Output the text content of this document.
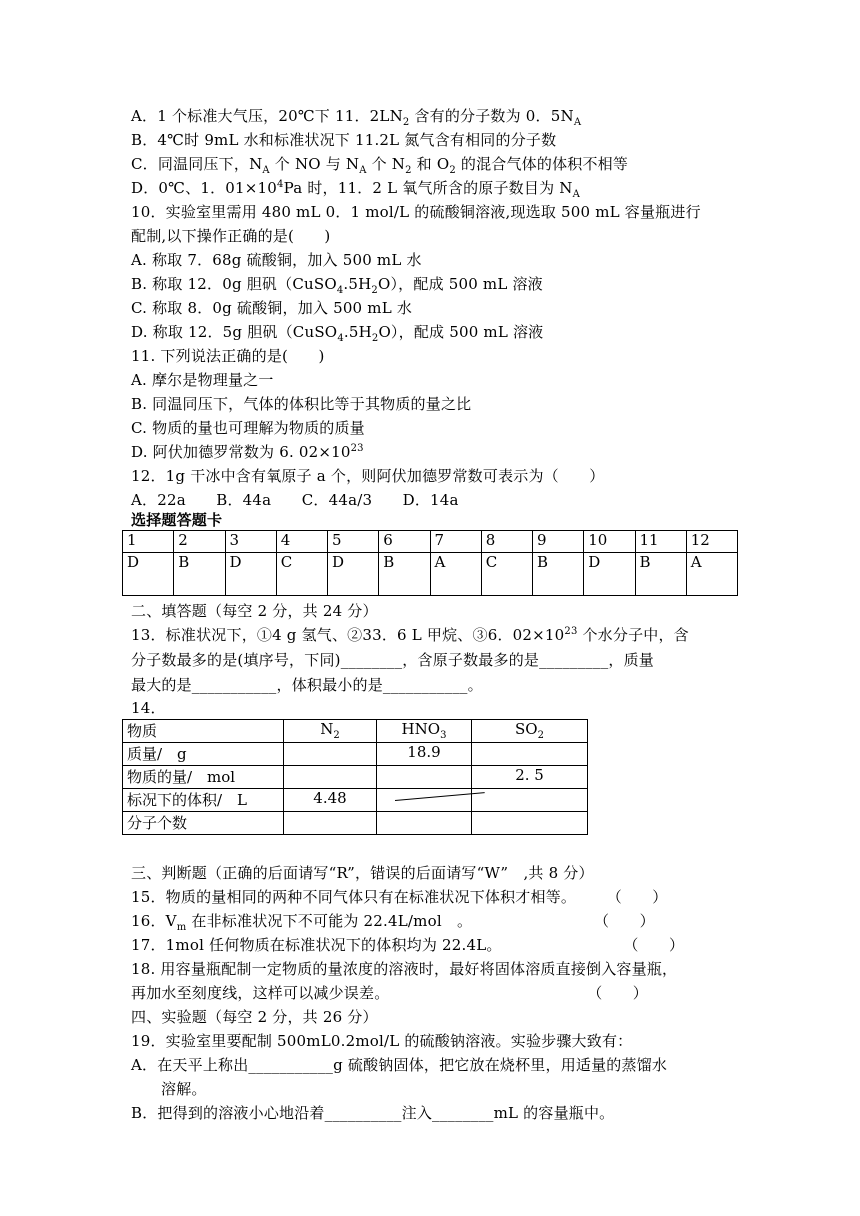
A．1 个标准大气压，20℃下 11．$2LN_2$ 含有的分子数为 0．$5N_A$
B．4℃时 9mL 水和标准状况下 11.2L 氮气含有相同的分子数
C．同温同压下，$N_A$ 个 NO 与 $N_A$ 个 $N_2$ 和 $O_2$ 的混合气体的体积不相等
D．0℃、1．$01\times 10^4Pa$ 时，11．2 L 氧气所含的原子数目为 $N_A$
10．实验室里需用 480 mL 0．1 mol/L 的硫酸铜溶液,现选取 500 mL 容量瓶进行
配制,以下操作正确的是(　　)
A. 称取 7．68g 硫酸铜，加入 500 mL 水
B. 称取 12．0g 胆矾$(CuSO_4.5H_2O)$，配成 500 mL 溶液
C. 称取 8．0g 硫酸铜，加入 500 mL 水
D. 称取 12．5g 胆矾$(CuSO_4.5H_2O)$，配成 500 mL 溶液
11. 下列说法正确的是(　　)
A. 摩尔是物理量之一
B. 同温同压下，气体的体积比等于其物质的量之比
C. 物质的量也可理解为物质的质量
D. 阿伏加德罗常数为 6. $02\times 10^{23}$
12．1g 干冰中含有氧原子 a 个，则阿伏加德罗常数可表示为（　　）
A．22a　　B．44a　　C．44a/3　　D．14a
选择题答题卡
1	2	3	4	5	6	7	8	9	10	11	12
D	B	D	C	D	B	A	C	B	D	B	A
二、填答题（每空 2 分，共 24 分）
13．标准状况下，①4 g 氢气、②33．6 L 甲烷、③6．$02\times 10^{23}$ 个水分子中，含
分子数最多的是(填序号，下同)________，含原子数最多的是_________，质量
最大的是___________，体积最小的是___________。
14．
物质	$N_2$	$HNO_3$	$SO_2$
质量/　g		18.9	
物质的量/　mol			2. 5
标况下的体积/　L	4.48		
分子个数			
三、判断题（正确的后面请写“R”，错误的后面请写“W”　,共 8 分）
15．物质的量相同的两种不同气体只有在标准状况下体积才相等。　　　（　　）
16．$V_m$ 在非标准状况下不可能为 22.4L/mol　。　　　　　　　　　（　　）
17．1mol 任何物质在标准状况下的体积均为 22.4L。　　　　　　　　　（　　）
18. 用容量瓶配制一定物质的量浓度的溶液时，最好将固体溶质直接倒入容量瓶，
再加水至刻度线，这样可以减少误差。　　　　　　　　　　　　　　（　　）
四、实验题（每空 2 分，共 26 分）
19．实验室里要配制 500mL0.2mol/L 的硫酸钠溶液。实验步骤大致有：
A．在天平上称出___________g 硫酸钠固体，把它放在烧杯里，用适量的蒸馏水
溶解。
B．把得到的溶液小心地沿着__________注入________mL 的容量瓶中。
